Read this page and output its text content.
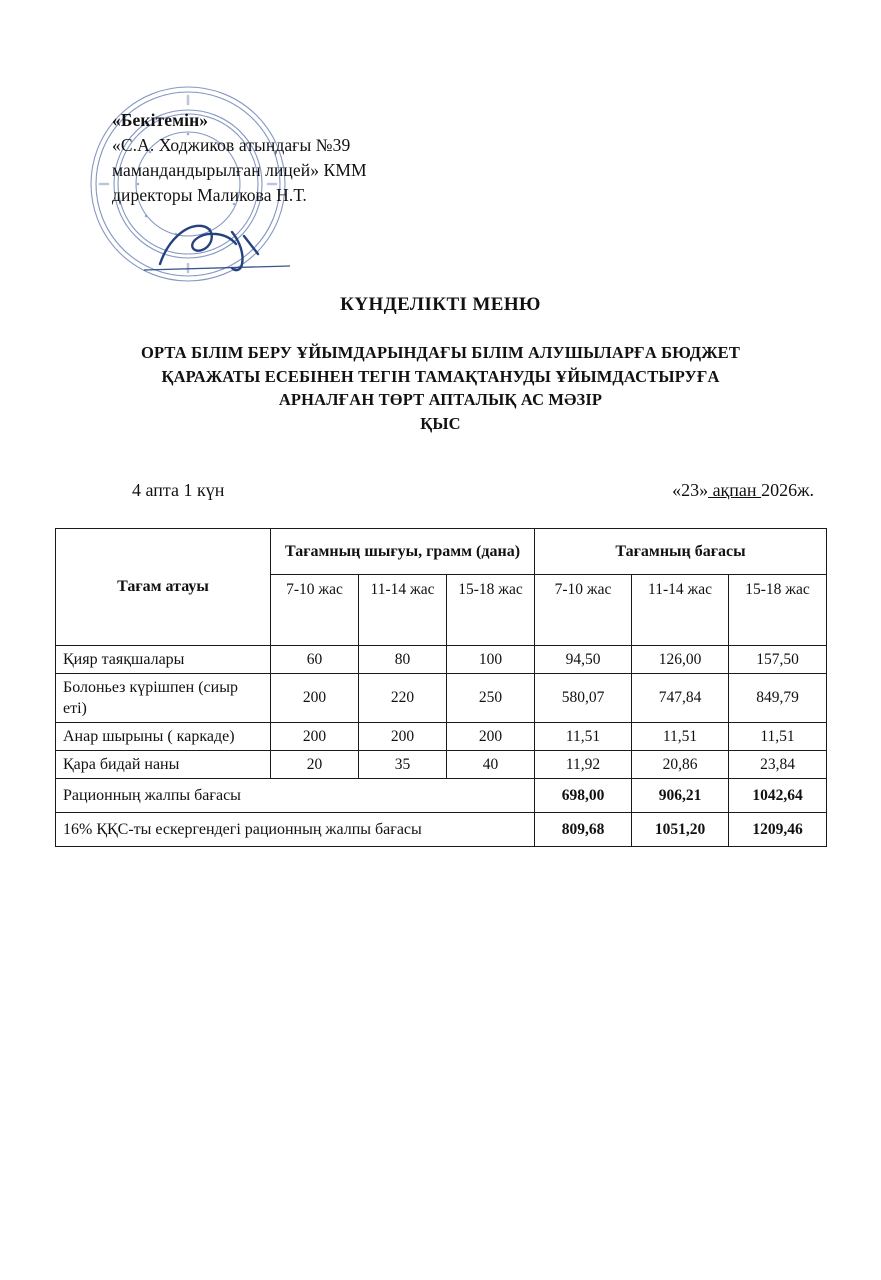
«Бекітемін»
«С.А. Ходжиков атындағы №39
мамандандырылған лицей» КММ
директоры Маликова Н.Т.
КҮНДЕЛІКТІ МЕНЮ
ОРТА БІЛІМ БЕРУ ҰЙЫМДАРЫНДАҒЫ БІЛІМ АЛУШЫЛАРҒА БЮДЖЕТ
ҚАРАЖАТЫ ЕСЕБІНЕН ТЕГІН ТАМАҚТАНУДЫ ҰЙЫМДАСТЫРУҒА
АРНАЛҒАН ТӨРТ АПТАЛЫҚ АС МӘЗІР
ҚЫС
4 апта 1 күн	«23» ақпан 2026ж.
Тағам атауы	Тағамның шығуы, грамм (дана)			Тағамның бағасы		
	7-10 жас	11-14 жас	15-18 жас	7-10 жас	11-14 жас	15-18 жас
Қияр таяқшалары	60	80	100	94,50	126,00	157,50
Болоньез күрішпен (сиыр еті)	200	220	250	580,07	747,84	849,79
Анар шырыны ( каркаде)	200	200	200	11,51	11,51	11,51
Қара бидай наны	20	35	40	11,92	20,86	23,84
Рационның жалпы бағасы				698,00	906,21	1042,64
16% ҚҚС-ты ескергендегі рационның жалпы бағасы				809,68	1051,20	1209,46
